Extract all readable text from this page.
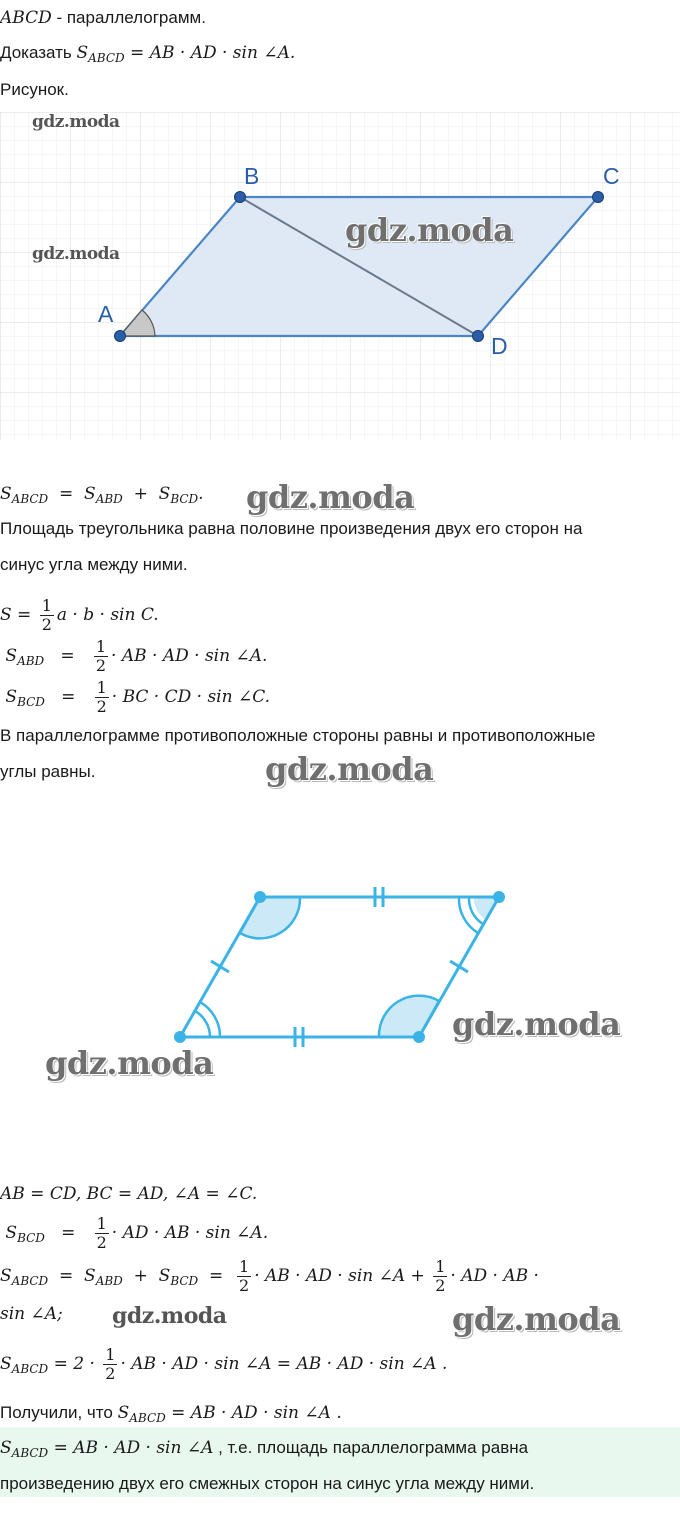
ABCD - параллелограмм.
Доказать $S_{ABCD}$ = AB · AD · sin ∠A.
Рисунок.
A
B	C
D
gdz.moda
gdz.moda
gdz.moda
$S_{ABCD} = S_{ABD} + S_{BCD}$. gdz.moda
Площадь треугольника равна половине произведения двух его сторон на
синус угла между ними.
$S = \frac{1}{2}$ a · b · sin C.
$S_{ABD} = \frac{1}{2}$ · AB · AD · sin ∠A.
$S_{BCD} = \frac{1}{2}$ · BC · CD · sin ∠C.
В параллелограмме противоположные стороны равны и противоположные
углы равны.	gdz.moda
gdz.moda
gdz.moda
AB = CD, BC = AD, ∠A = ∠C.
$S_{BCD} = \frac{1}{2}$ · AD · AB · sin ∠A.
$S_{ABCD} = S_{ABD} + S_{BCD} = \frac{1}{2}$ · AB · AD · sin ∠A + $\frac{1}{2}$ · AD · AB ·
sin ∠A; gdz.moda	gdz.moda
$S_{ABCD} = 2 \cdot \frac{1}{2}$ · AB · AD · sin ∠A = AB · AD · sin ∠A .
Получили, что $S_{ABCD}$ = AB · AD · sin ∠A .
$S_{ABCD}$ = AB · AD · sin ∠A , т.е. площадь параллелограмма равна
произведению двух его смежных сторон на синус угла между ними.
